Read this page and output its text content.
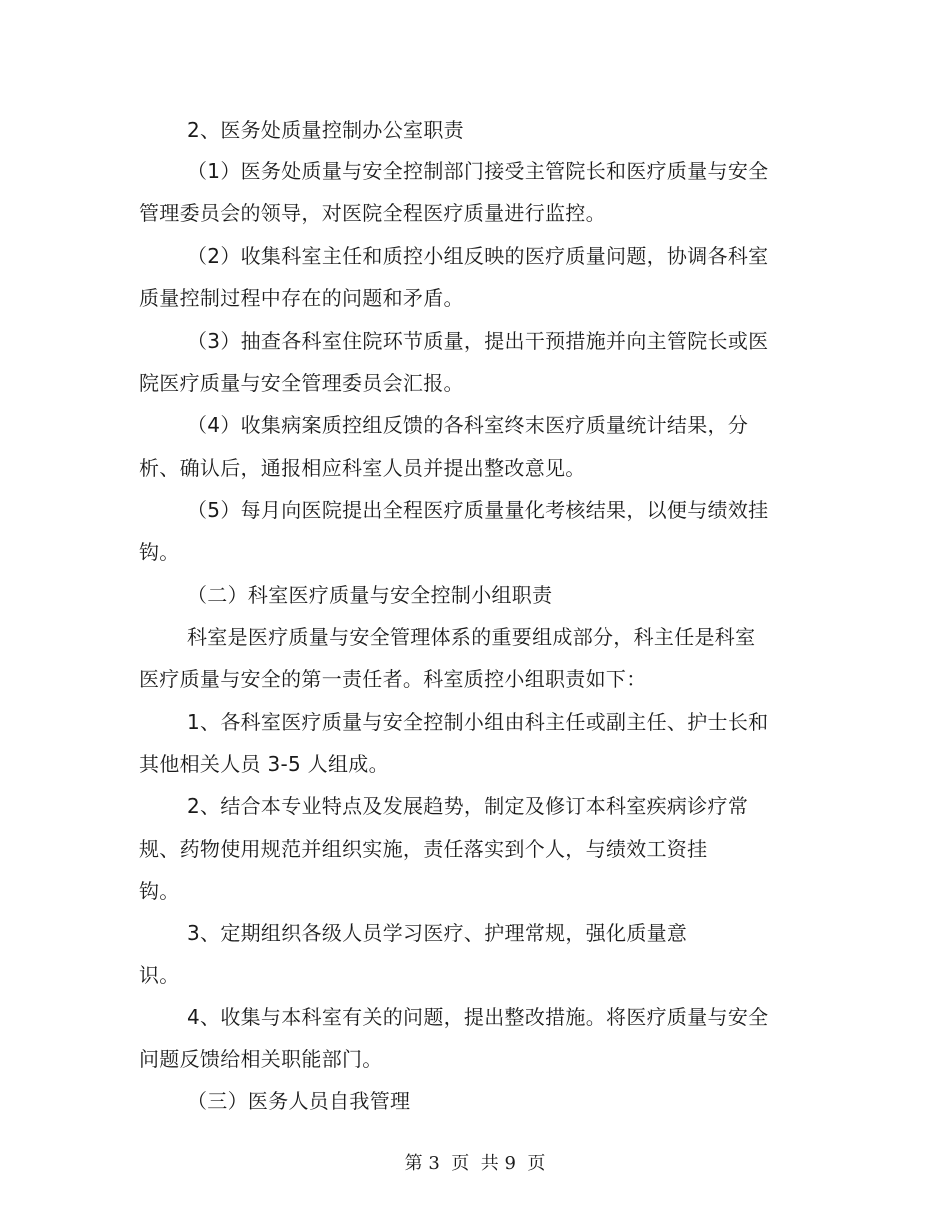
2、医务处质量控制办公室职责
（1）医务处质量与安全控制部门接受主管院长和医疗质量与安全
管理委员会的领导，对医院全程医疗质量进行监控。
（2）收集科室主任和质控小组反映的医疗质量问题，协调各科室
质量控制过程中存在的问题和矛盾。
（3）抽查各科室住院环节质量，提出干预措施并向主管院长或医
院医疗质量与安全管理委员会汇报。
（4）收集病案质控组反馈的各科室终末医疗质量统计结果，分
析、确认后，通报相应科室人员并提出整改意见。
（5）每月向医院提出全程医疗质量量化考核结果，以便与绩效挂
钩。
（二）科室医疗质量与安全控制小组职责
科室是医疗质量与安全管理体系的重要组成部分，科主任是科室
医疗质量与安全的第一责任者。科室质控小组职责如下：
1、各科室医疗质量与安全控制小组由科主任或副主任、护士长和
其他相关人员 3-5 人组成。
2、结合本专业特点及发展趋势，制定及修订本科室疾病诊疗常
规、药物使用规范并组织实施，责任落实到个人，与绩效工资挂
钩。
3、定期组织各级人员学习医疗、护理常规，强化质量意
识。
4、收集与本科室有关的问题，提出整改措施。将医疗质量与安全
问题反馈给相关职能部门。
（三）医务人员自我管理
第 3  页  共 9  页
